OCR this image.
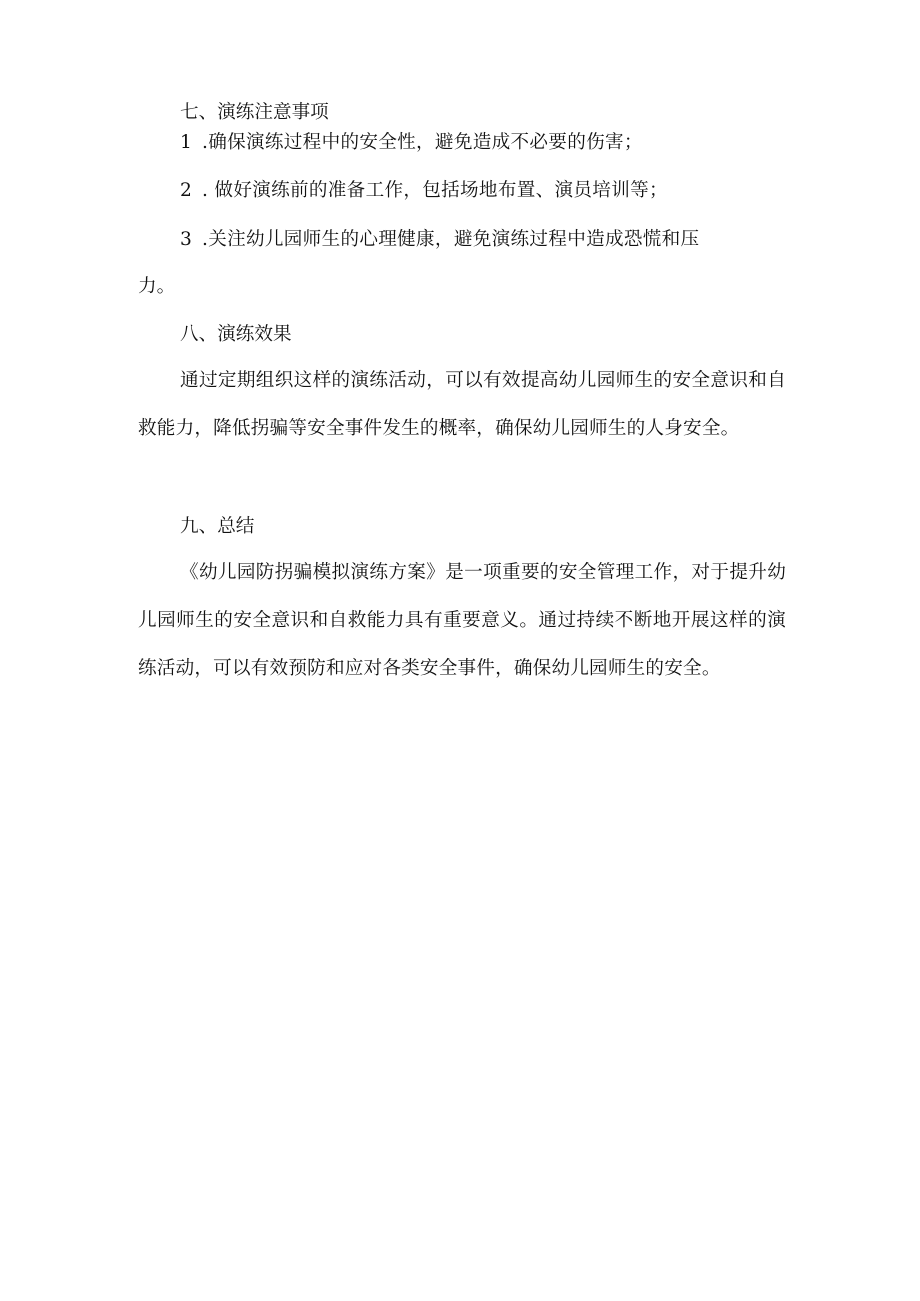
七、演练注意事项

1 .确保演练过程中的安全性，避免造成不必要的伤害；

2 . 做好演练前的准备工作，包括场地布置、演员培训等；

3 .关注幼儿园师生的心理健康，避免演练过程中造成恐慌和压

力。

八、演练效果

通过定期组织这样的演练活动，可以有效提高幼儿园师生的安全意识和自救能力，降低拐骗等安全事件发生的概率，确保幼儿园师生的人身安全。

九、总结

《幼儿园防拐骗模拟演练方案》是一项重要的安全管理工作，对于提升幼儿园师生的安全意识和自救能力具有重要意义。通过持续不断地开展这样的演练活动，可以有效预防和应对各类安全事件，确保幼儿园师生的安全。
